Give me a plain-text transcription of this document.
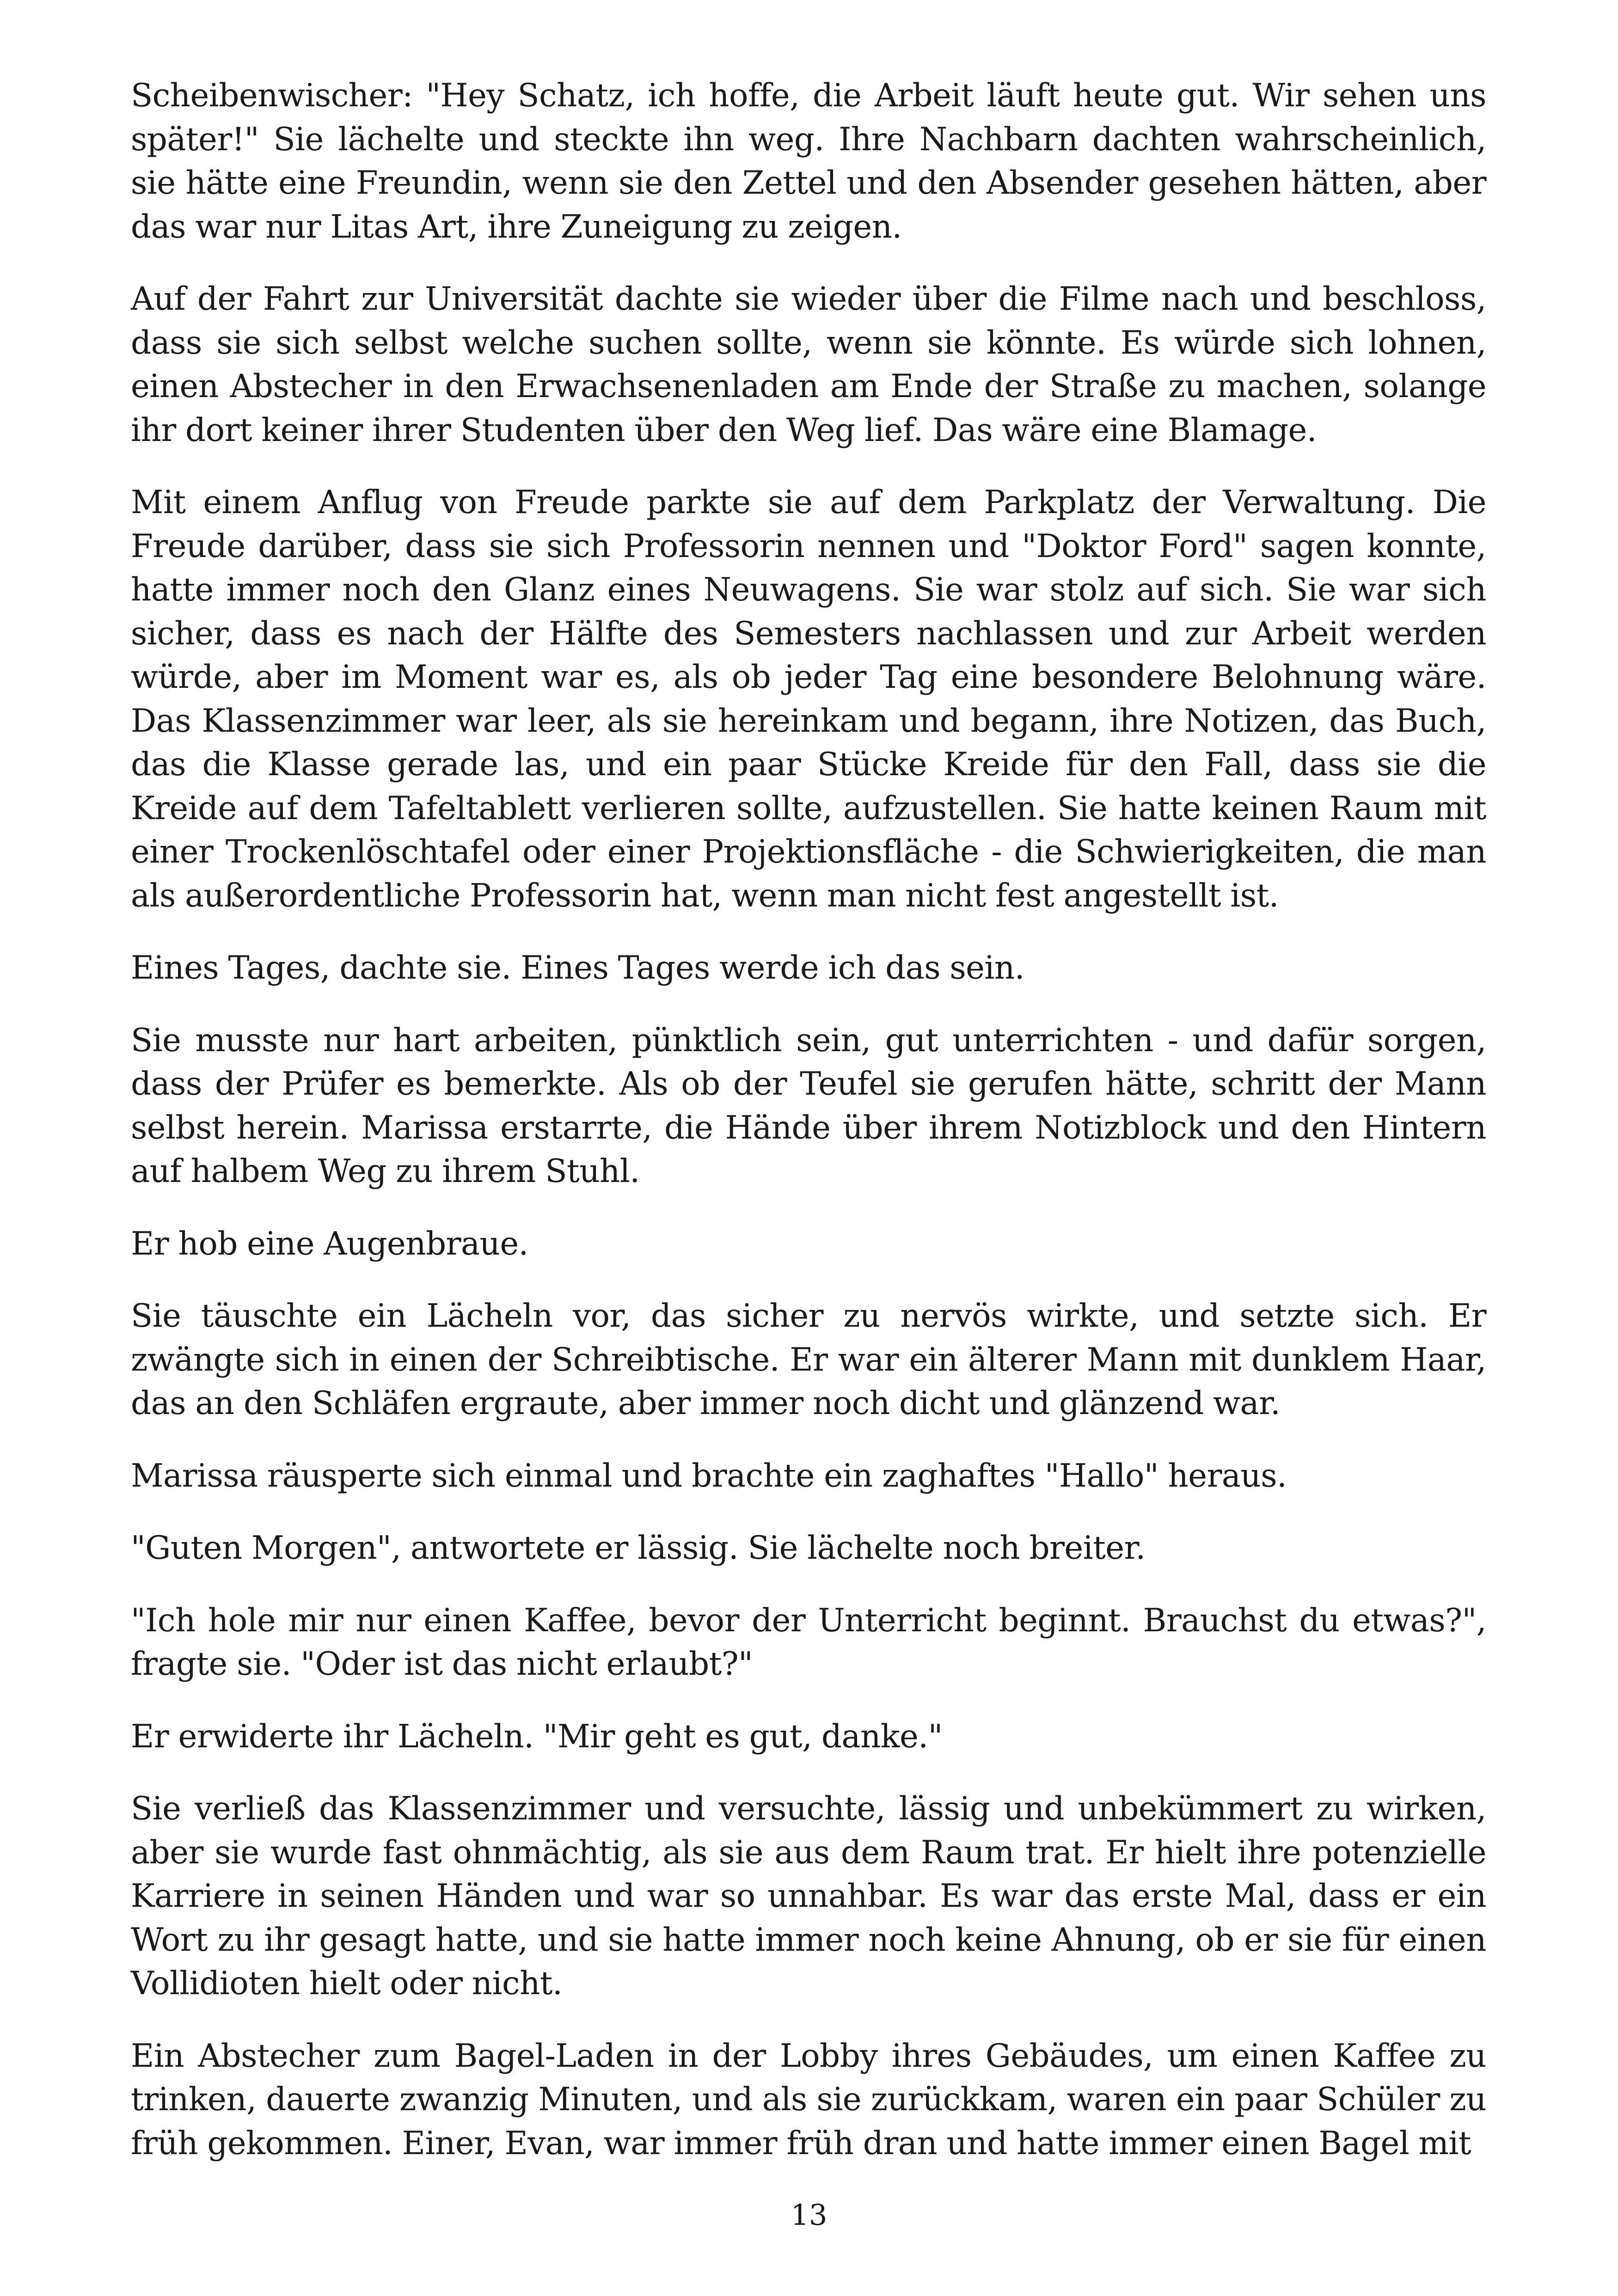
Scheibenwischer: "Hey Schatz, ich hoffe, die Arbeit läuft heute gut. Wir sehen uns später!" Sie lächelte und steckte ihn weg. Ihre Nachbarn dachten wahrscheinlich, sie hätte eine Freundin, wenn sie den Zettel und den Absender gesehen hätten, aber das war nur Litas Art, ihre Zuneigung zu zeigen.

Auf der Fahrt zur Universität dachte sie wieder über die Filme nach und beschloss, dass sie sich selbst welche suchen sollte, wenn sie könnte. Es würde sich lohnen, einen Abstecher in den Erwachsenenladen am Ende der Straße zu machen, solange ihr dort keiner ihrer Studenten über den Weg lief. Das wäre eine Blamage.

Mit einem Anflug von Freude parkte sie auf dem Parkplatz der Verwaltung. Die Freude darüber, dass sie sich Professorin nennen und "Doktor Ford" sagen konnte, hatte immer noch den Glanz eines Neuwagens. Sie war stolz auf sich. Sie war sich sicher, dass es nach der Hälfte des Semesters nachlassen und zur Arbeit werden würde, aber im Moment war es, als ob jeder Tag eine besondere Belohnung wäre. Das Klassenzimmer war leer, als sie hereinkam und begann, ihre Notizen, das Buch, das die Klasse gerade las, und ein paar Stücke Kreide für den Fall, dass sie die Kreide auf dem Tafeltablett verlieren sollte, aufzustellen. Sie hatte keinen Raum mit einer Trockenlöschtafel oder einer Projektionsfläche - die Schwierigkeiten, die man als außerordentliche Professorin hat, wenn man nicht fest angestellt ist.

Eines Tages, dachte sie. Eines Tages werde ich das sein.

Sie musste nur hart arbeiten, pünktlich sein, gut unterrichten - und dafür sorgen, dass der Prüfer es bemerkte. Als ob der Teufel sie gerufen hätte, schritt der Mann selbst herein. Marissa erstarrte, die Hände über ihrem Notizblock und den Hintern auf halbem Weg zu ihrem Stuhl.

Er hob eine Augenbraue.

Sie täuschte ein Lächeln vor, das sicher zu nervös wirkte, und setzte sich. Er zwängte sich in einen der Schreibtische. Er war ein älterer Mann mit dunklem Haar, das an den Schläfen ergraute, aber immer noch dicht und glänzend war.

Marissa räusperte sich einmal und brachte ein zaghaftes "Hallo" heraus.

"Guten Morgen", antwortete er lässig. Sie lächelte noch breiter.

"Ich hole mir nur einen Kaffee, bevor der Unterricht beginnt. Brauchst du etwas?", fragte sie. "Oder ist das nicht erlaubt?"

Er erwiderte ihr Lächeln. "Mir geht es gut, danke."

Sie verließ das Klassenzimmer und versuchte, lässig und unbekümmert zu wirken, aber sie wurde fast ohnmächtig, als sie aus dem Raum trat. Er hielt ihre potenzielle Karriere in seinen Händen und war so unnahbar. Es war das erste Mal, dass er ein Wort zu ihr gesagt hatte, und sie hatte immer noch keine Ahnung, ob er sie für einen Vollidioten hielt oder nicht.

Ein Abstecher zum Bagel-Laden in der Lobby ihres Gebäudes, um einen Kaffee zu trinken, dauerte zwanzig Minuten, und als sie zurückkam, waren ein paar Schüler zu früh gekommen. Einer, Evan, war immer früh dran und hatte immer einen Bagel mit

13
